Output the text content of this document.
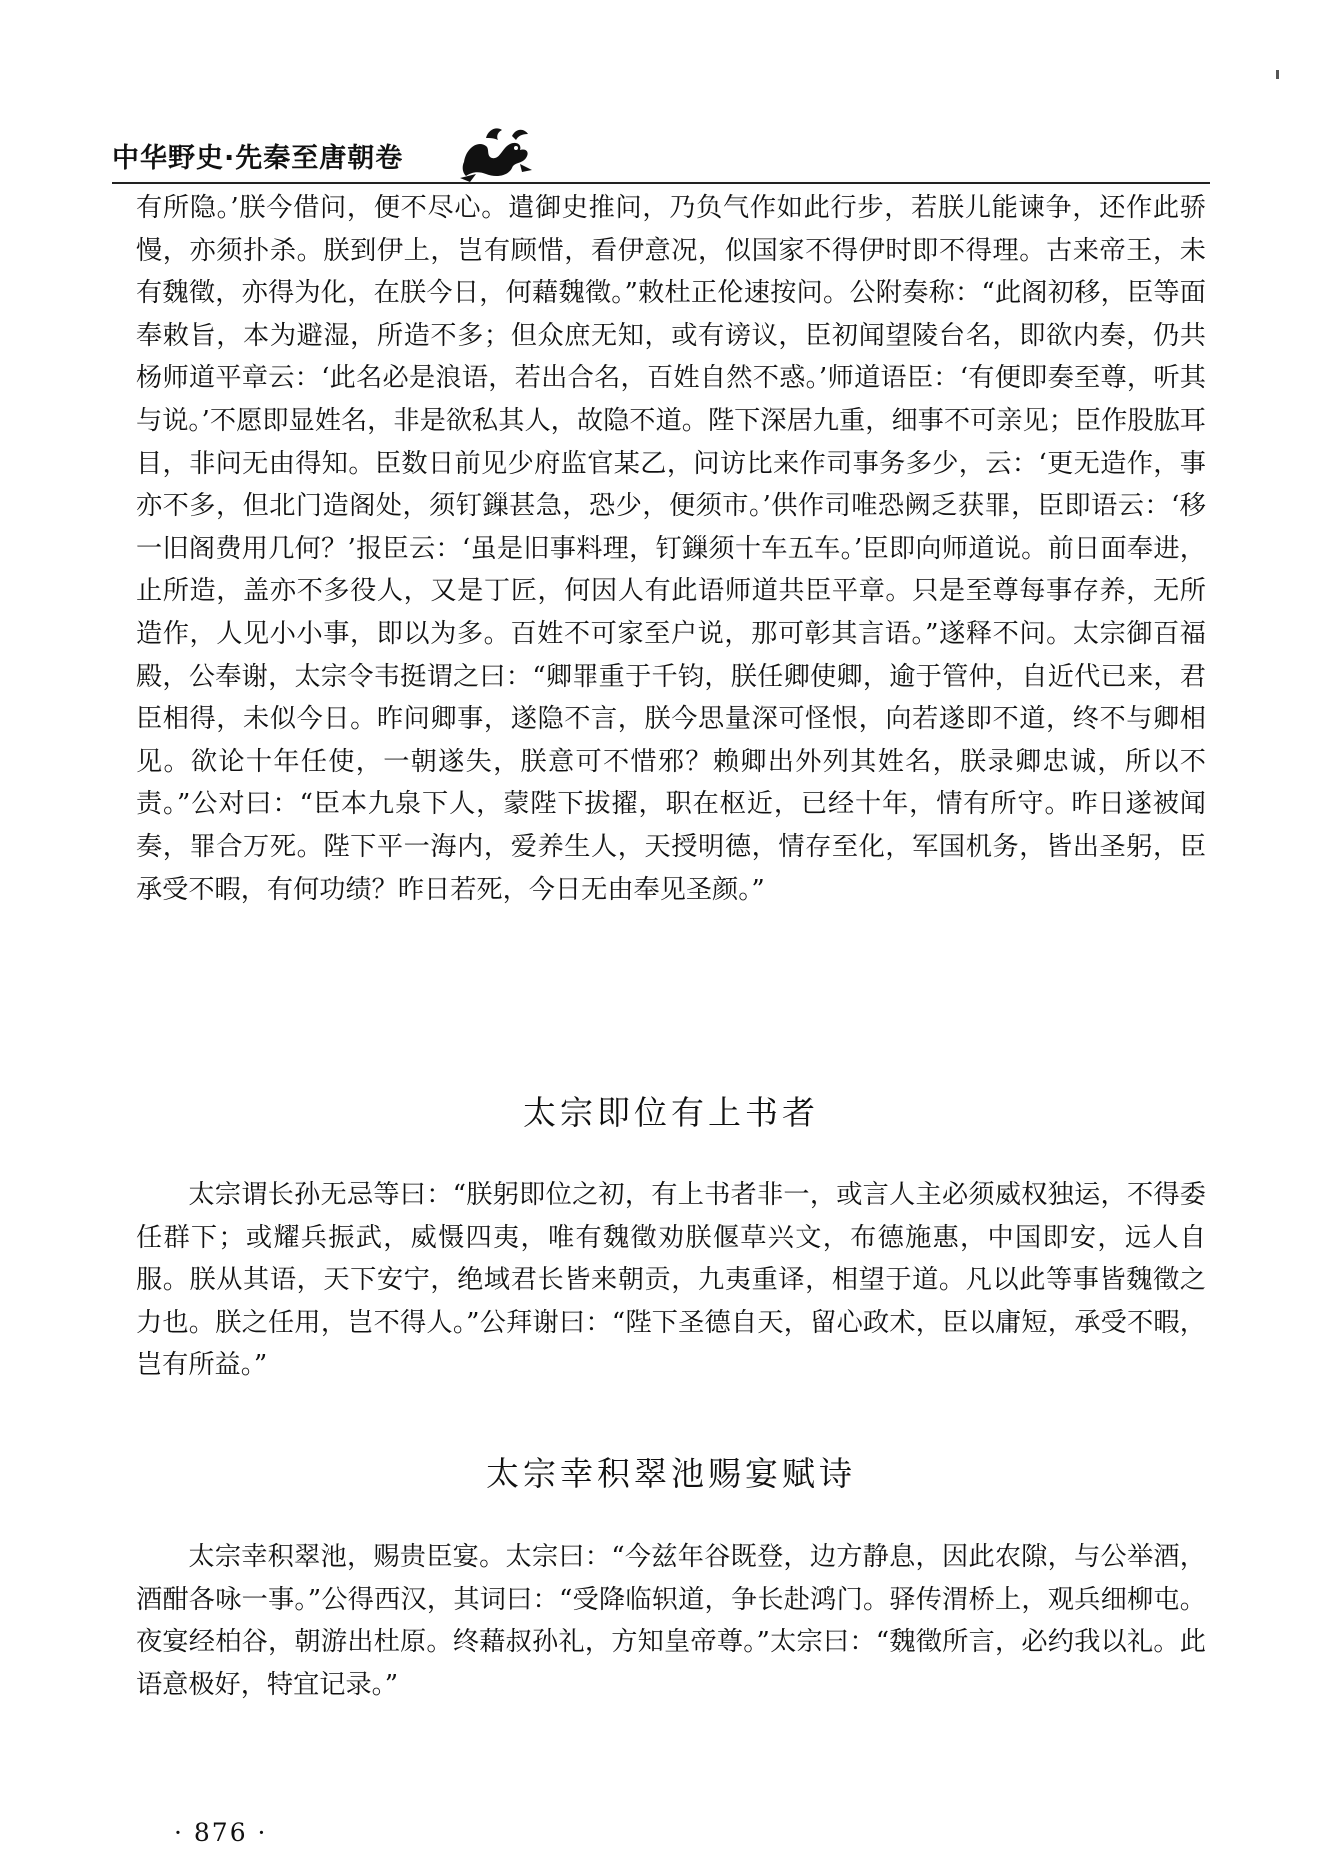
中华野史·先秦至唐朝卷

有所隐。’朕今借问，便不尽心。遣御史推问，乃负气作如此行步，若朕儿能谏争，还作此骄慢，亦须扑杀。朕到伊上，岂有顾惜，看伊意况，似国家不得伊时即不得理。古来帝王，未有魏徵，亦得为化，在朕今日，何藉魏徵。”敕杜正伦速按问。公附奏称：“此阁初移，臣等面奉敕旨，本为避湿，所造不多；但众庶无知，或有谤议，臣初闻望陵台名，即欲内奏，仍共杨师道平章云：‘此名必是浪语，若出合名，百姓自然不惑。’师道语臣：‘有便即奏至尊，听其与说。’不愿即显姓名，非是欲私其人，故隐不道。陛下深居九重，细事不可亲见；臣作股肱耳目，非问无由得知。臣数日前见少府监官某乙，问访比来作司事务多少，云：‘更无造作，事亦不多，但北门造阁处，须钉鏁甚急，恐少，便须市。’供作司唯恐阙乏获罪，臣即语云：‘移一旧阁费用几何？’报臣云：‘虽是旧事料理，钉鏁须十车五车。’臣即向师道说。前日面奉进，止所造，盖亦不多役人，又是丁匠，何因人有此语师道共臣平章。只是至尊每事存养，无所造作，人见小小事，即以为多。百姓不可家至户说，那可彰其言语。”遂释不问。太宗御百福殿，公奉谢，太宗令韦挺谓之曰：“卿罪重于千钧，朕任卿使卿，逾于管仲，自近代已来，君臣相得，未似今日。昨问卿事，遂隐不言，朕今思量深可怪恨，向若遂即不道，终不与卿相见。欲论十年任使，一朝遂失，朕意可不惜邪？赖卿出外列其姓名，朕录卿忠诚，所以不责。”公对曰：“臣本九泉下人，蒙陛下拔擢，职在枢近，已经十年，情有所守。昨日遂被闻奏，罪合万死。陛下平一海内，爱养生人，天授明德，情存至化，军国机务，皆出圣躬，臣承受不暇，有何功绩？昨日若死，今日无由奉见圣颜。”

太宗即位有上书者

太宗谓长孙无忌等曰：“朕躬即位之初，有上书者非一，或言人主必须威权独运，不得委任群下；或耀兵振武，威慑四夷，唯有魏徵劝朕偃草兴文，布德施惠，中国即安，远人自服。朕从其语，天下安宁，绝域君长皆来朝贡，九夷重译，相望于道。凡以此等事皆魏徵之力也。朕之任用，岂不得人。”公拜谢曰：“陛下圣德自天，留心政术，臣以庸短，承受不暇，岂有所益。”

太宗幸积翠池赐宴赋诗

太宗幸积翠池，赐贵臣宴。太宗曰：“今兹年谷既登，边方静息，因此农隙，与公举酒，酒酣各咏一事。”公得西汉，其词曰：“受降临轵道，争长赴鸿门。驿传渭桥上，观兵细柳屯。夜宴经柏谷，朝游出杜原。终藉叔孙礼，方知皇帝尊。”太宗曰：“魏徵所言，必约我以礼。此语意极好，特宜记录。”

· 876 ·
